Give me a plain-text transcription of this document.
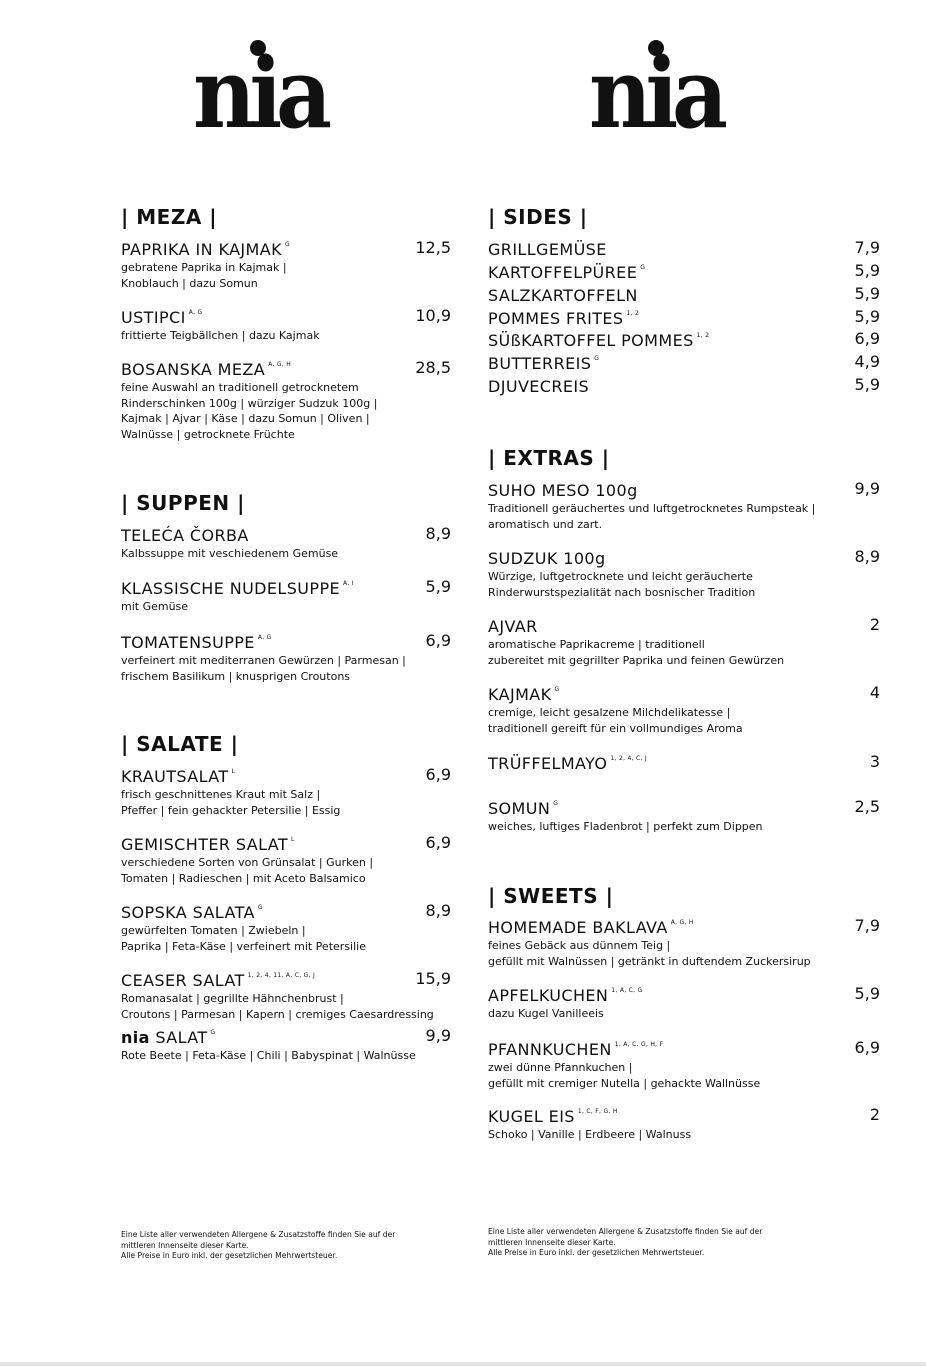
nia	nia
| MEZA |
PAPRIKA IN KAJMAK $^G$	12,5
gebratene Paprika in Kajmak |
Knoblauch | dazu Somun
USTIPCI $^{A, G}$	10,9
frittierte Teigbällchen | dazu Kajmak
BOSANSKA MEZA $^{A, G, H}$	28,5
feine Auswahl an traditionell getrocknetem
Rinderschinken 100g | würziger Sudzuk 100g |
Kajmak | Ajvar | Käse | dazu Somun | Oliven |
Walnüsse | getrocknete Früchte
| SUPPEN |
TELEĆA ČORBA	8,9
Kalbssuppe mit veschiedenem Gemüse
KLASSISCHE NUDELSUPPE $^{A, I}$	5,9
mit Gemüse
TOMATENSUPPE $^{A, G}$	6,9
verfeinert mit mediterranen Gewürzen | Parmesan |
frischem Basilikum | knusprigen Croutons
| SALATE |
KRAUTSALAT $^L$	6,9
frisch geschnittenes Kraut mit Salz |
Pfeffer | fein gehackter Petersilie | Essig
GEMISCHTER SALAT $^L$	6,9
verschiedene Sorten von Grünsalat | Gurken |
Tomaten | Radieschen | mit Aceto Balsamico
SOPSKA SALATA $^G$	8,9
gewürfelten Tomaten | Zwiebeln |
Paprika | Feta-Käse | verfeinert mit Petersilie
CEASER SALAT $^{1, 2, 4, 11, A, C, G, J}$	15,9
Romanasalat | gegrillte Hähnchenbrust |
Croutons | Parmesan | Kapern | cremiges Caesardressing
nia SALAT $^G$	9,9
Rote Beete | Feta-Käse | Chili | Babyspinat | Walnüsse
Eine Liste aller verwendeten Allergene & Zusatzstoffe finden Sie auf der
mittleren Innenseite dieser Karte.
Alle Preise in Euro inkl. der gesetzlichen Mehrwertsteuer.
| SIDES |
GRILLGEMÜSE	7,9
KARTOFFELPÜREE $^G$	5,9
SALZKARTOFFELN	5,9
POMMES FRITES $^{1, 2}$	5,9
SÜßKARTOFFEL POMMES $^{1, 2}$	6,9
BUTTERREIS $^G$	4,9
DJUVECREIS	5,9
| EXTRAS |
SUHO MESO 100g	9,9
Traditionell geräuchertes und luftgetrocknetes Rumpsteak |
aromatisch und zart.
SUDZUK 100g	8,9
Würzige, luftgetrocknete und leicht geräucherte
Rinderwurstspezialität nach bosnischer Tradition
AJVAR	2
aromatische Paprikacreme | traditionell
zubereitet mit gegrillter Paprika und feinen Gewürzen
KAJMAK $^G$	4
cremige, leicht gesalzene Milchdelikatesse |
traditionell gereift für ein vollmundiges Aroma
TRÜFFELMAYO $^{1, 2, 4, C, J}$	3
SOMUN $^G$	2,5
weiches, luftiges Fladenbrot | perfekt zum Dippen
| SWEETS |
HOMEMADE BAKLAVA $^{A, G, H}$	7,9
feines Gebäck aus dünnem Teig |
gefüllt mit Walnüssen | getränkt in duftendem Zuckersirup
APFELKUCHEN $^{1, A, C, G}$	5,9
dazu Kugel Vanilleeis
PFANNKUCHEN $^{1, A, C, G, H, F}$	6,9
zwei dünne Pfannkuchen |
gefüllt mit cremiger Nutella | gehackte Wallnüsse
KUGEL EIS $^{1, C, F, G, H}$	2
Schoko | Vanille | Erdbeere | Walnuss
Eine Liste aller verwendeten Allergene & Zusatzstoffe finden Sie auf der
mittleren Innenseite dieser Karte.
Alle Preise in Euro inkl. der gesetzlichen Mehrwertsteuer.
